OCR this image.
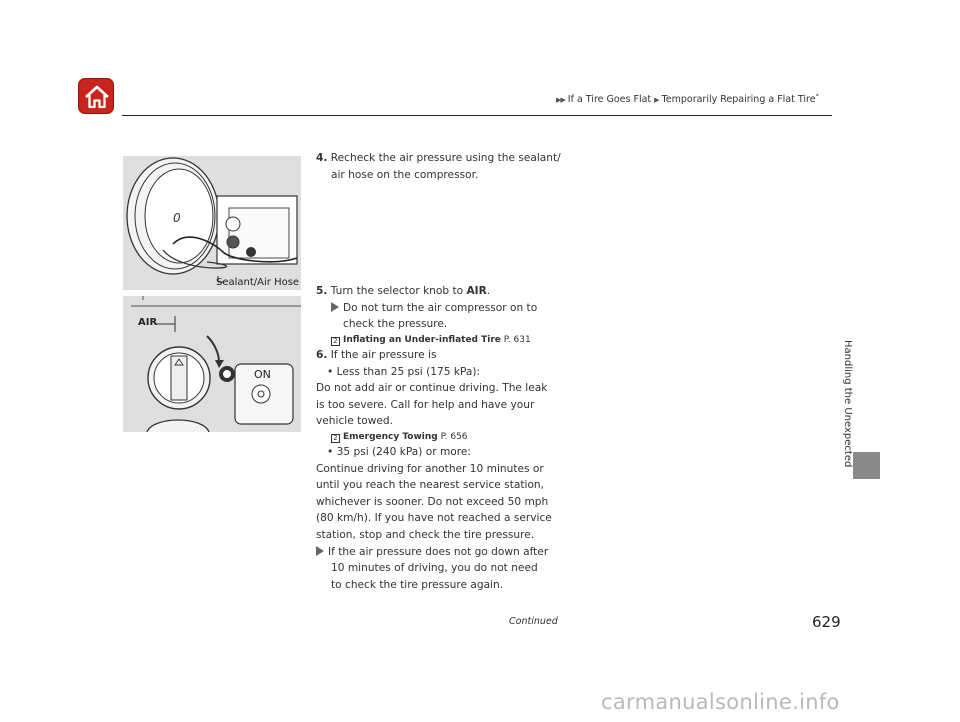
▶▶ If a Tire Goes Flat ▶ Temporarily Repairing a Flat Tire*
Handling the Unexpected
0
Sealant/Air Hose
AIR
ON

4. Recheck the air pressure using the sealant/

air hose on the compressor.

5. Turn the selector knob to AIR.

Do not turn the air compressor on to

check the pressure.

2 Inflating an Under-inflated Tire P. 631

6. If the air pressure is

• Less than 25 psi (175 kPa):

Do not add air or continue driving. The leak

is too severe. Call for help and have your

vehicle towed.

2 Emergency Towing P. 656

• 35 psi (240 kPa) or more:

Continue driving for another 10 minutes or

until you reach the nearest service station,

whichever is sooner. Do not exceed 50 mph

(80 km/h). If you have not reached a service

station, stop and check the tire pressure.

If the air pressure does not go down after

10 minutes of driving, you do not need

to check the tire pressure again.

Continued	629
carmanualsonline.info
